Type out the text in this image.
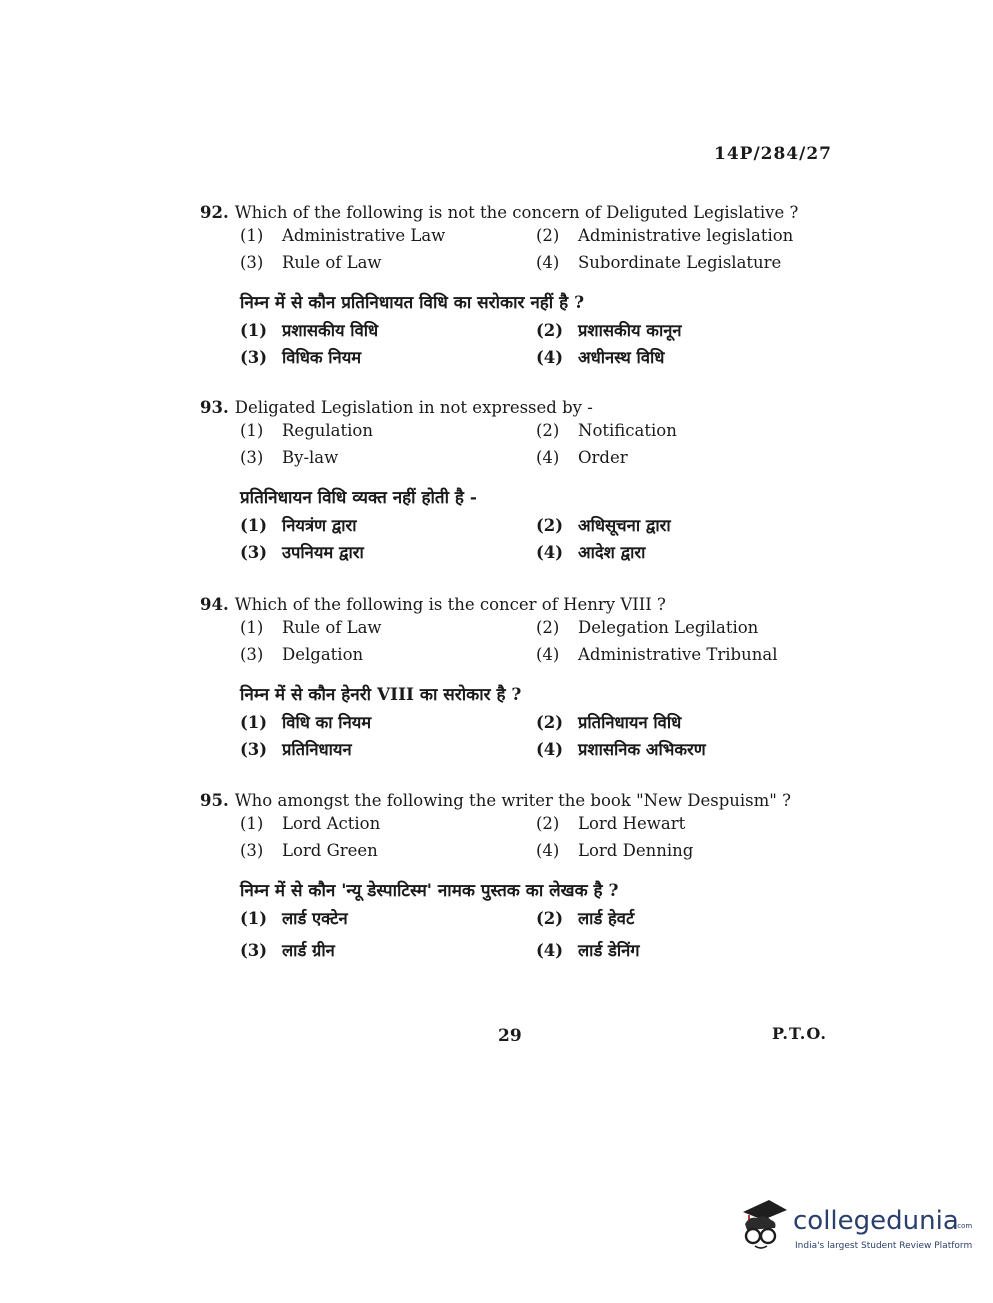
14P/284/27
92. Which of the following is not the concern of Deliguted Legislative ?
(1) Administrative Law	(2) Administrative legislation
(3) Rule of Law	(4) Subordinate Legislature
निम्न में से कौन प्रतिनिधायत विधि का सरोकार नहीं है ?
(1) प्रशासकीय विधि	(2) प्रशासकीय कानून
(3) विधिक नियम	(4) अधीनस्थ विधि
93. Deligated Legislation in not expressed by -
(1) Regulation	(2) Notification
(3) By-law	(4) Order
प्रतिनिधायन विधि व्यक्त नहीं होती है -
(1) नियत्रंण द्वारा	(2) अधिसूचना द्वारा
(3) उपनियम द्वारा	(4) आदेश द्वारा
94. Which of the following is the concer of Henry VIII ?
(1) Rule of Law	(2) Delegation Legilation
(3) Delgation	(4) Administrative Tribunal
निम्न में से कौन हेनरी VIII का सरोकार है ?
(1) विधि का नियम	(2) प्रतिनिधायन विधि
(3) प्रतिनिधायन	(4) प्रशासनिक अभिकरण
95. Who amongst the following the writer the book "New Despuism" ?
(1) Lord Action	(2) Lord Hewart
(3) Lord Green	(4) Lord Denning
निम्न में से कौन 'न्यू डेस्पाटिस्म' नामक पुस्तक का लेखक है ?
(1) लार्ड एक्टेन	(2) लार्ड हेवर्ट
(3) लार्ड ग्रीन	(4) लार्ड डेनिंग
29	P.T.O.
collegedunia
.com
India's largest Student Review Platform
